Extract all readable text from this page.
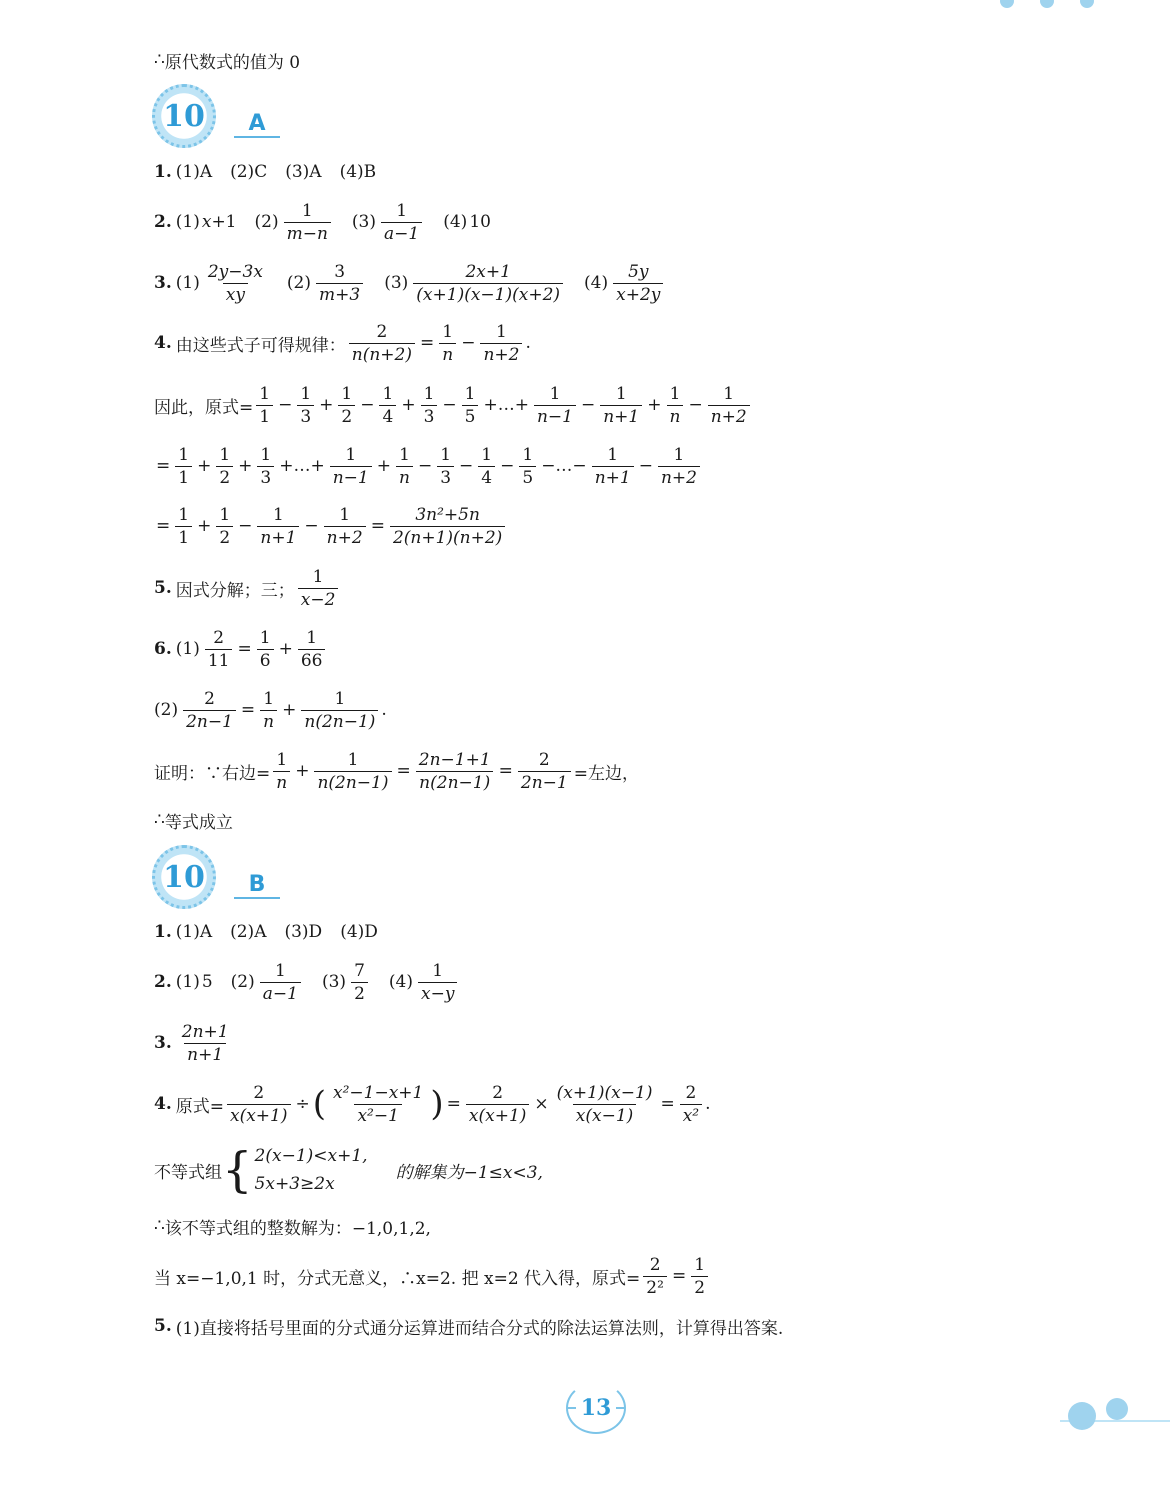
∴ 原代数式的值为 0
10	A
1. (1)A (2)C (3)A (4)B
2. (1) x +1 $(2) \frac{1}{m-n} (3) \frac{1}{a-1} (4)$ 10
3. $(1) \frac{2y-3x}{xy} (2) \frac{3}{m+3} (3) \frac{2x+1}{(x+1)(x-1)(x+2)} (4) \frac{5y}{x+2y}$
4. 由这些式子可得规律： $\frac{2}{n(n+2)} = \frac{1}{n} - \frac{1}{n+2}$ .
因此，原式= $\frac{1}{1} - \frac{1}{3} + \frac{1}{2} - \frac{1}{4} + \frac{1}{3} - \frac{1}{5}$ +…+ $\frac{1}{n-1} - \frac{1}{n+1} + \frac{1}{n} - \frac{1}{n+2}$
= $\frac{1}{1} + \frac{1}{2} + \frac{1}{3}$ +…+ $\frac{1}{n-1} + \frac{1}{n} - \frac{1}{3} - \frac{1}{4} - \frac{1}{5}$ −…− $\frac{1}{n+1} - \frac{1}{n+2}$
= $\frac{1}{1} + \frac{1}{2} - \frac{1}{n+1} - \frac{1}{n+2} = \frac{\text{3n²+5n}}{2(n+1)(n+2)}$
5. 因式分解；三； $\frac{1}{x-2}$
6. $(1) \frac{2}{11} = \frac{1}{6} + \frac{1}{66}$
$(2) \frac{2}{2n-1} = \frac{1}{n} + \frac{1}{n(2n-1)}$ .
证明：∵右边= $\frac{1}{n} + \frac{1}{n(2n-1)} = \frac{2n-1+1}{n(2n-1)} = \frac{2}{2n-1}$ =左边，
∴ 等式成立
10	B
1. (1)A (2)A (3)D (4)D
2. (1) 5 $(2) \frac{1}{a-1} (3) \frac{7}{2} (4) \frac{1}{x-y}$
3. $\frac{2n+1}{n+1}$
4. 原式= $\frac{2}{x(x+1)}$ ÷ ( $\frac{\text{x²−1−x+1}}{\text{x²−1}}$ ) = $\frac{2}{x(x+1)} \times \frac{(x+1)(x-1)}{x(x-1)} = \frac{2}{\text{x²}}$ .
不等式组 { 2(x−1)<x+1,
5x+3≥2x
的解集为−1≤x<3,
∴ 该不等式组的整数解为：−1,0,1,2,
当 x=−1,0,1 时，分式无意义，∴x=2. 把 x=2 代入得，原式= $\frac{2}{\text{2²}} = \frac{1}{2}$
5. (1)直接将括号里面的分式通分运算进而结合分式的除法运算法则，计算得出答案.
13
